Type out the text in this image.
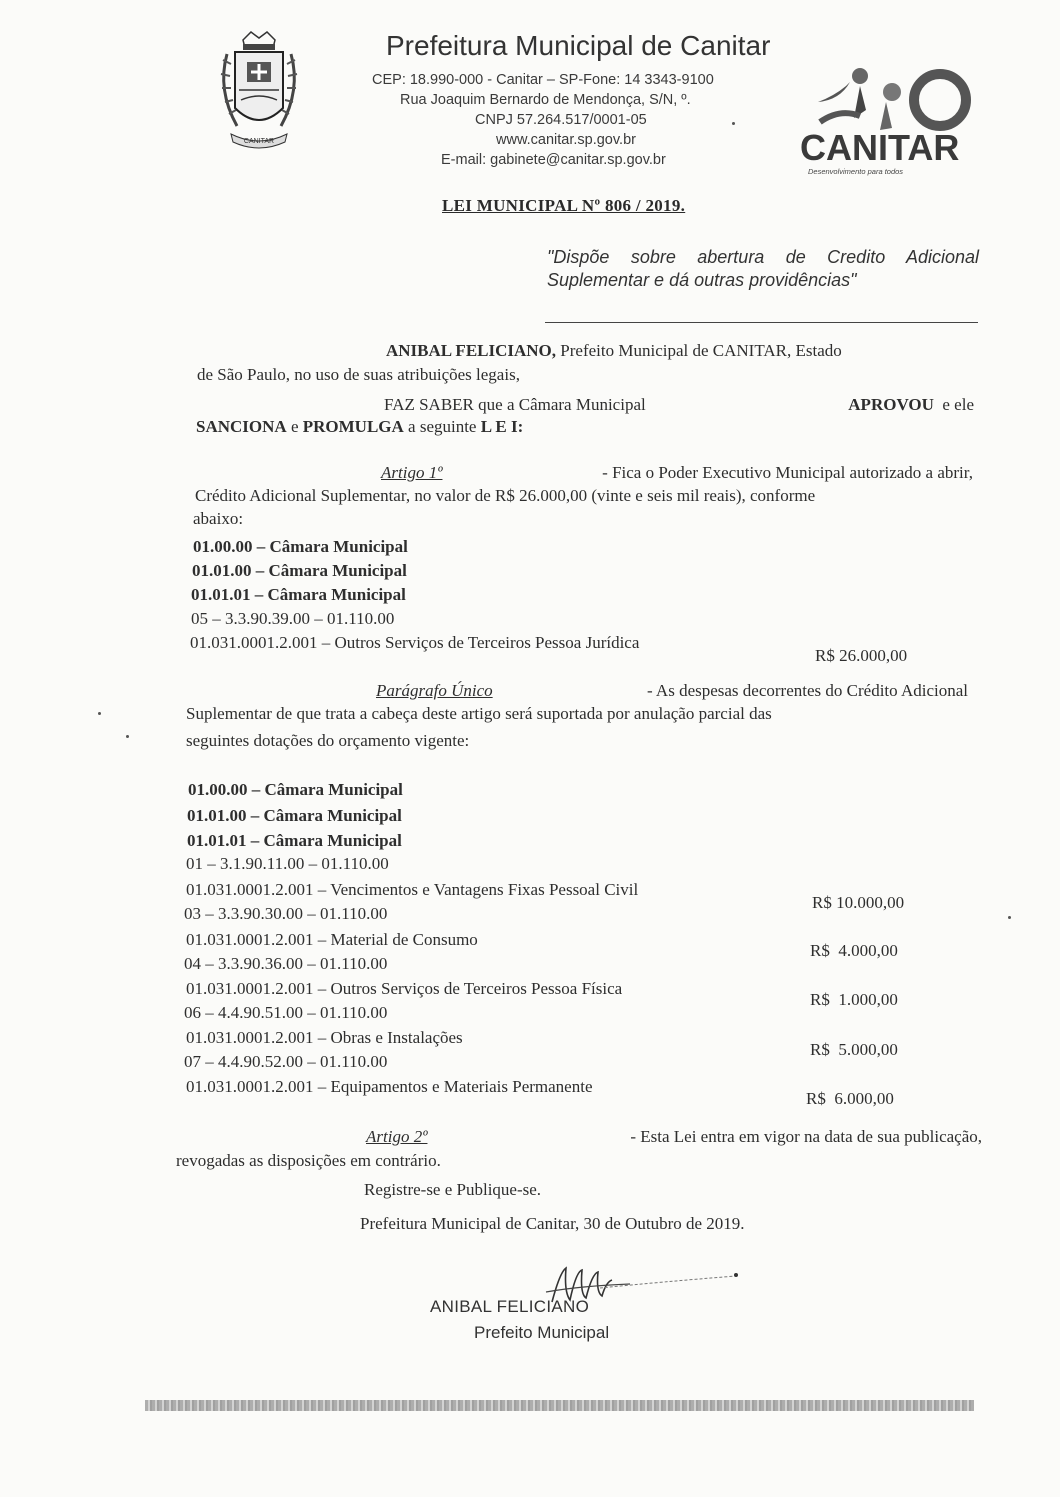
CANITAR
Prefeitura Municipal de Canitar
CEP: 18.990-000 - Canitar – SP-Fone: 14 3343-9100
Rua Joaquim Bernardo de Mendonça, S/N, º.
CNPJ 57.264.517/0001-05
www.canitar.sp.gov.br
E-mail: gabinete@canitar.sp.gov.br	CANITAR
Desenvolvimento para todos
LEI MUNICIPAL Nº 806 / 2019.
"Dispõe sobre abertura de Credito Adicional Suplementar e dá outras providências"
ANIBAL FELICIANO, Prefeito Municipal de CANITAR, Estado
de São Paulo, no uso de suas atribuições legais,
FAZ SABER que a Câmara Municipal	APROVOU e ele
SANCIONA e PROMULGA a seguinte L E I:
Artigo 1º	- Fica o Poder Executivo Municipal autorizado a abrir,
Crédito Adicional Suplementar, no valor de R$ 26.000,00 (vinte e seis mil reais), conforme
abaixo:
01.00.00 – Câmara Municipal
01.01.00 – Câmara Municipal
01.01.01 – Câmara Municipal
05 – 3.3.90.39.00 – 01.110.00
01.031.0001.2.001 – Outros Serviços de Terceiros Pessoa Jurídica
R$ 26.000,00
Parágrafo Único	- As despesas decorrentes do Crédito Adicional
Suplementar de que trata a cabeça deste artigo será suportada por anulação parcial das
seguintes dotações do orçamento vigente:
01.00.00 – Câmara Municipal
01.01.00 – Câmara Municipal
01.01.01 – Câmara Municipal
01 – 3.1.90.11.00 – 01.110.00
01.031.0001.2.001 – Vencimentos e Vantagens Fixas Pessoal Civil
R$ 10.000,00
03 – 3.3.90.30.00 – 01.110.00
01.031.0001.2.001 – Material de Consumo
R$  4.000,00
04 – 3.3.90.36.00 – 01.110.00
01.031.0001.2.001 – Outros Serviços de Terceiros Pessoa Física
R$  1.000,00
06 – 4.4.90.51.00 – 01.110.00
01.031.0001.2.001 – Obras e Instalações
R$  5.000,00
07 – 4.4.90.52.00 – 01.110.00
01.031.0001.2.001 – Equipamentos e Materiais Permanente
R$  6.000,00
Artigo 2º	- Esta Lei entra em vigor na data de sua publicação,
revogadas as disposições em contrário.
Registre-se e Publique-se.
Prefeitura Municipal de Canitar, 30 de Outubro de 2019.
ANIBAL FELICIANO
Prefeito Municipal
